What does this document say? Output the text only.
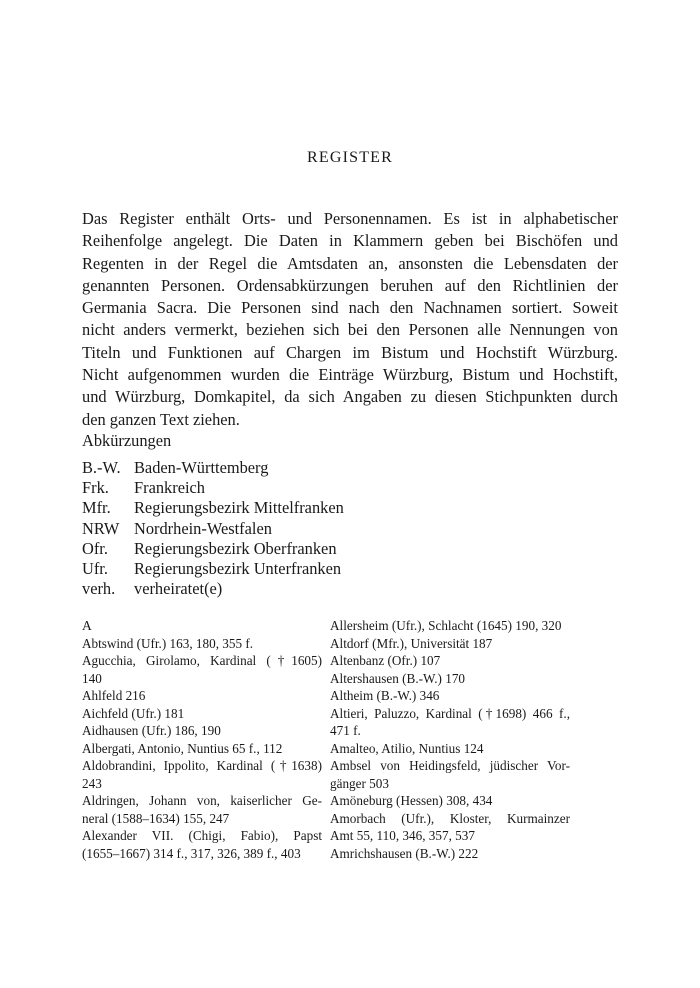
REGISTER
Das Register enthält Orts- und Personennamen. Es ist in alphabetischer
Reihenfolge angelegt. Die Daten in Klammern geben bei Bischöfen und
Regenten in der Regel die Amtsdaten an, ansonsten die Lebensdaten der
genannten Personen. Ordensabkürzungen beruhen auf den Richtlinien der
Germania Sacra. Die Personen sind nach den Nachnamen sortiert. Soweit
nicht anders vermerkt, beziehen sich bei den Personen alle Nennungen von
Titeln und Funktionen auf Chargen im Bistum und Hochstift Würzburg.
Nicht aufgenommen wurden die Einträge Würzburg, Bistum und Hochstift,
und Würzburg, Domkapitel, da sich Angaben zu diesen Stichpunkten durch
den ganzen Text ziehen.
Abkürzungen
B.-W. Baden-Württemberg
Frk.	Frankreich
Mfr.	Regierungsbezirk Mittelfranken
NRW Nordrhein-Westfalen
Ofr.	Regierungsbezirk Oberfranken
Ufr.	Regierungsbezirk Unterfranken
verh.	verheiratet(e)
A
Abtswind (Ufr.) 163, 180, 355 f.
Agucchia, Girolamo, Kardinal (†1605)
140
Ahlfeld 216
Aichfeld (Ufr.) 181
Aidhausen (Ufr.) 186, 190
Albergati, Antonio, Nuntius 65 f., 112
Aldobrandini, Ippolito, Kardinal (†1638)
243
Aldringen, Johann von, kaiserlicher Ge-
neral (1588–1634) 155, 247
Alexander VII. (Chigi, Fabio), Papst
(1655–1667) 314 f., 317, 326, 389 f., 403
Allersheim (Ufr.), Schlacht (1645) 190, 320
Altdorf (Mfr.), Universität 187
Altenbanz (Ofr.) 107
Altershausen (B.-W.) 170
Altheim (B.-W.) 346
Altieri, Paluzzo, Kardinal (†1698) 466 f.,
471 f.
Amalteo, Atilio, Nuntius 124
Ambsel von Heidingsfeld, jüdischer Vor-
gänger 503
Amöneburg (Hessen) 308, 434
Amorbach (Ufr.), Kloster, Kurmainzer
Amt 55, 110, 346, 357, 537
Amrichshausen (B.-W.) 222
